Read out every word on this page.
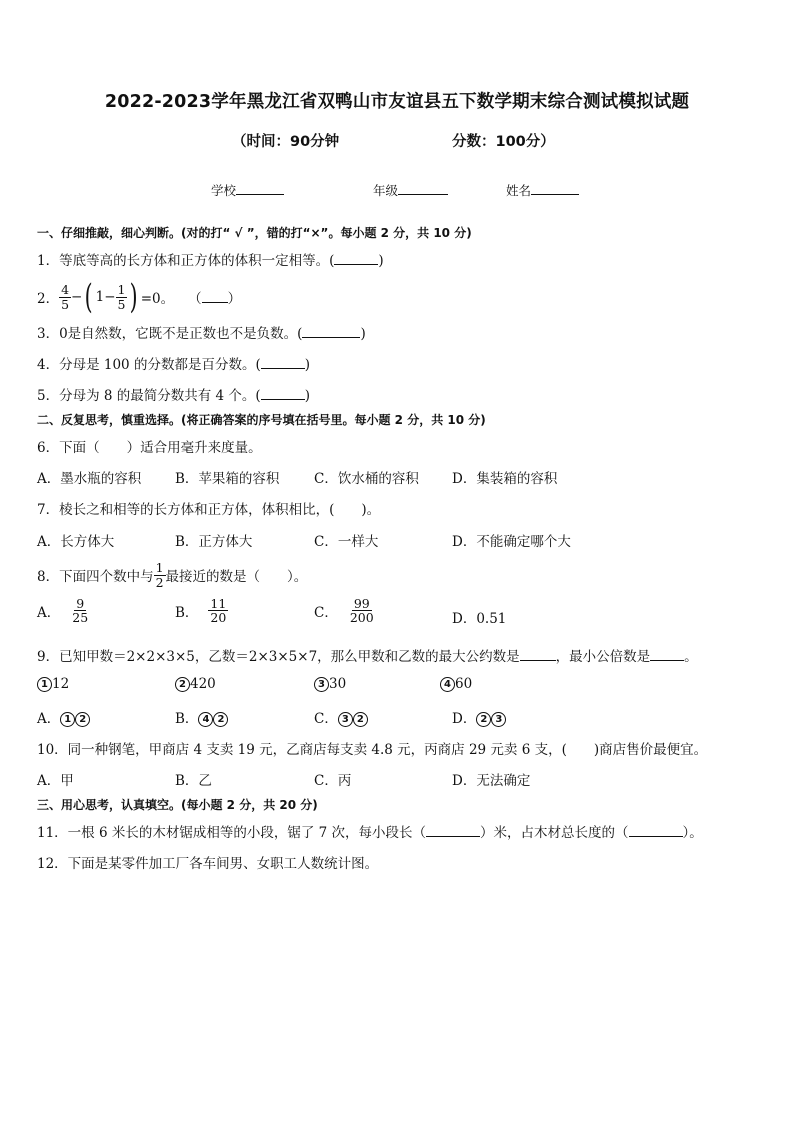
2022-2023学年黑龙江省双鸭山市友谊县五下数学期末综合测试模拟试题
（时间：90分钟	分数：100分）
学校	年级	姓名
一、仔细推敲，细心判断。(对的打“ √ ”，错的打“×”。每小题 2 分，共 10 分)
1．等底等高的长方体和正方体的体积一定相等。(	)
2． $\frac{4}{5}$ − ( $1- \frac{1}{5}$ ) =0。 （ ）
3．0是自然数，它既不是正数也不是负数。(	)
4．分母是 100 的分数都是百分数。(	)
5．分母为 8 的最简分数共有 4 个。(	)
二、反复思考，慎重选择。(将正确答案的序号填在括号里。每小题 2 分，共 10 分)
6．下面（　　）适合用毫升来度量。
A．墨水瓶的容积	B．苹果箱的容积	C．饮水桶的容积 D．集装箱的容积
7．棱长之和相等的长方体和正方体，体积相比，(　　)。
A．长方体大	B．正方体大	C．一样大	D．不能确定哪个大
8．下面四个数中与 $\frac{1}{2}$ 最接近的数是（　　）。
A． $\frac{9}{25}$	B． $\frac{11}{20}$	C． $\frac{99}{200}$	D．0.51
9．已知甲数＝2×2×3×5，乙数＝2×3×5×7，那么甲数和乙数的最大公约数是	，最小公倍数是	。
1 12	2 420	3 30	4 60
A． 1 2	B． 4 2	C． 3 2	D． 2 3
10．同一种钢笔，甲商店 4 支卖 19 元，乙商店每支卖 4.8 元，丙商店 29 元卖 6 支，(　　)商店售价最便宜。
A．甲	B．乙	C．丙	D．无法确定
三、用心思考，认真填空。(每小题 2 分，共 20 分)
11．一根 6 米长的木材锯成相等的小段，锯了 7 次，每小段长（	）米，占木材总长度的（	）。
12．下面是某零件加工厂各车间男、女职工人数统计图。
